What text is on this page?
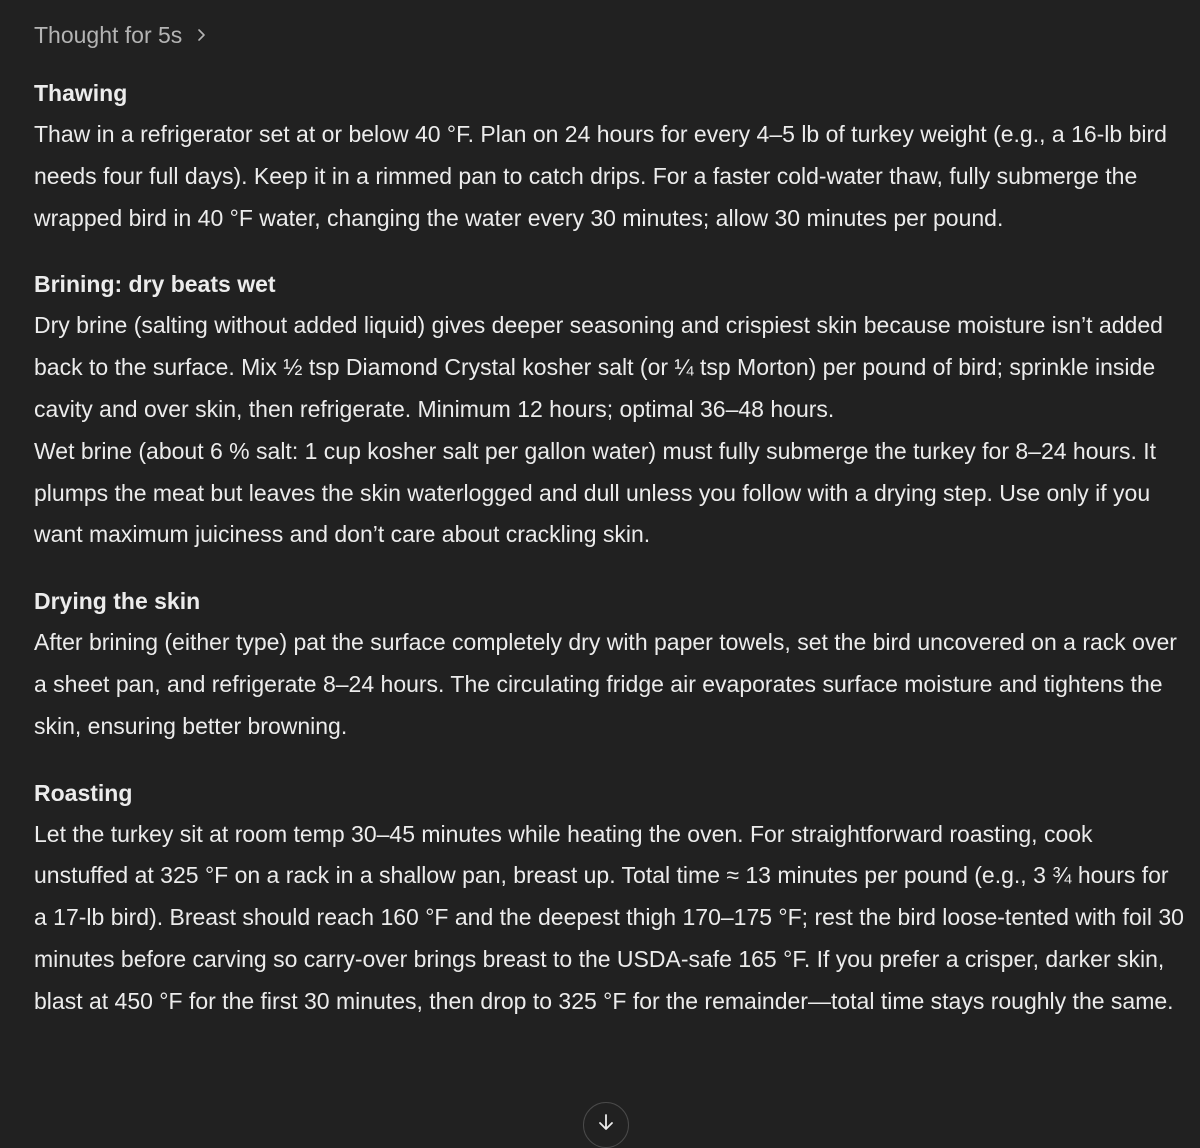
Thought for 5s

Thawing

Thaw in a refrigerator set at or below 40 °F. Plan on 24 hours for every 4–5 lb of turkey weight (e.g., a 16-lb bird needs four full days). Keep it in a rimmed pan to catch drips. For a faster cold-water thaw, fully submerge the wrapped bird in 40 °F water, changing the water every 30 minutes; allow 30 minutes per pound.

Brining: dry beats wet

Dry brine (salting without added liquid) gives deeper seasoning and crispiest skin because moisture isn’t added back to the surface. Mix ½ tsp Diamond Crystal kosher salt (or ¼ tsp Morton) per pound of bird; sprinkle inside cavity and over skin, then refrigerate. Minimum 12 hours; optimal 36–48 hours.

Wet brine (about 6 % salt: 1 cup kosher salt per gallon water) must fully submerge the turkey for 8–24 hours. It plumps the meat but leaves the skin waterlogged and dull unless you follow with a drying step. Use only if you want maximum juiciness and don’t care about crackling skin.

Drying the skin

After brining (either type) pat the surface completely dry with paper towels, set the bird uncovered on a rack over a sheet pan, and refrigerate 8–24 hours. The circulating fridge air evaporates surface moisture and tightens the skin, ensuring better browning.

Roasting

Let the turkey sit at room temp 30–45 minutes while heating the oven. For straightforward roasting, cook unstuffed at 325 °F on a rack in a shallow pan, breast up. Total time ≈ 13 minutes per pound (e.g., 3 ¾ hours for a 17-lb bird). Breast should reach 160 °F and the deepest thigh 170–175 °F; rest the bird loose-tented with foil 30 minutes before carving so carry-over brings breast to the USDA-safe 165 °F. If you prefer a crisper, darker skin, blast at 450 °F for the first 30 minutes, then drop to 325 °F for the remainder—total time stays roughly the same.
